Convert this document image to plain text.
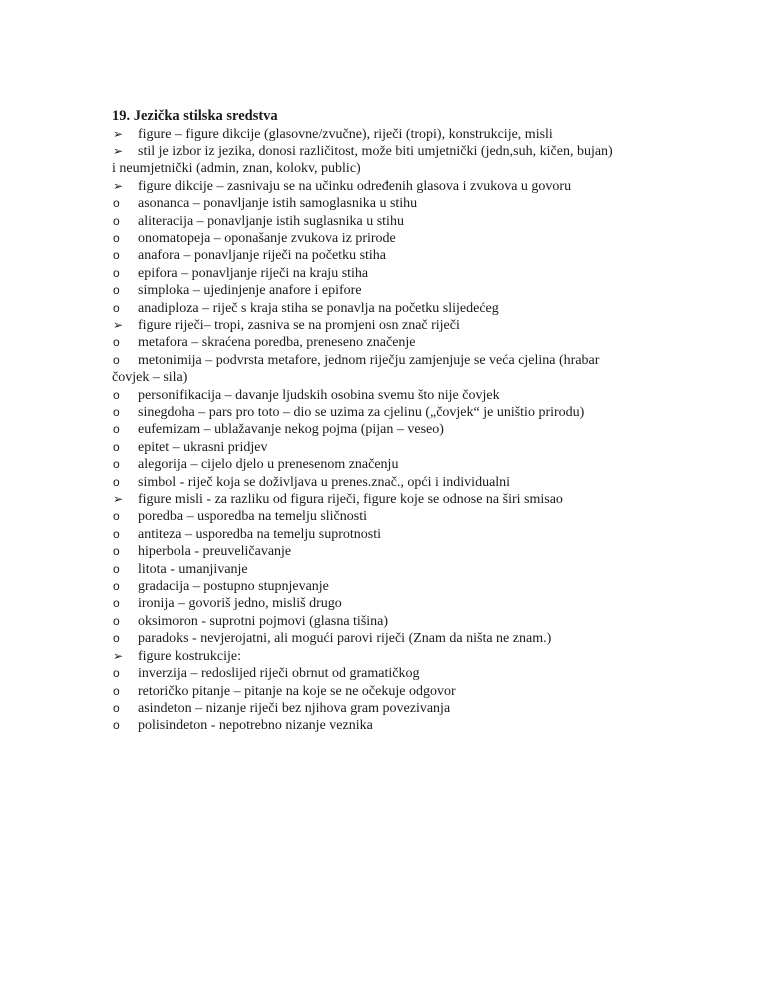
19. Jezička stilska sredstva

➢	figure – figure dikcije (glasovne/zvučne), riječi (tropi), konstrukcije, misli

➢	stil je izbor iz jezika, donosi različitost, može biti umjetnički (jedn,suh, kičen, bujan)
i neumjetnički (admin, znan, kolokv, public)

➢	figure dikcije – zasnivaju se na učinku određenih glasova i zvukova u govoru

o	asonanca – ponavljanje istih samoglasnika u stihu

o	aliteracija – ponavljanje istih suglasnika u stihu

o	onomatopeja – oponašanje zvukova iz prirode

o	anafora – ponavljanje riječi na početku stiha

o	epifora – ponavljanje riječi na kraju stiha

o	simploka – ujedinjenje anafore i epifore

o	anadiploza – riječ s kraja stiha se ponavlja na početku slijedećeg

➢	figure riječi– tropi, zasniva se na promjeni osn znač riječi

o	metafora – skraćena poredba, preneseno značenje

o	metonimija – podvrsta metafore, jednom riječju zamjenjuje se veća cjelina (hrabar
čovjek – sila)

o	personifikacija – davanje ljudskih osobina svemu što nije čovjek

o	sinegdoha – pars pro toto – dio se uzima za cjelinu („čovjek“ je uništio prirodu)

o	eufemizam – ublažavanje nekog pojma (pijan – veseo)

o	epitet – ukrasni pridjev

o	alegorija – cijelo djelo u prenesenom značenju

o	simbol - riječ koja se doživljava u prenes.znač., opći i individualni

➢	figure misli - za razliku od figura riječi, figure koje se odnose na širi smisao

o	poredba – usporedba na temelju sličnosti

o	antiteza – usporedba na temelju suprotnosti

o	hiperbola - preuveličavanje

o	litota - umanjivanje

o	gradacija – postupno stupnjevanje

o	ironija – govoriš jedno, misliš drugo

o	oksimoron - suprotni pojmovi (glasna tišina)

o	paradoks - nevjerojatni, ali mogući parovi riječi (Znam da ništa ne znam.)

➢	figure kostrukcije:

o	inverzija – redoslijed riječi obrnut od gramatičkog

o	retoričko pitanje – pitanje na koje se ne očekuje odgovor

o	asindeton – nizanje riječi bez njihova gram povezivanja

o	polisindeton - nepotrebno nizanje veznika
